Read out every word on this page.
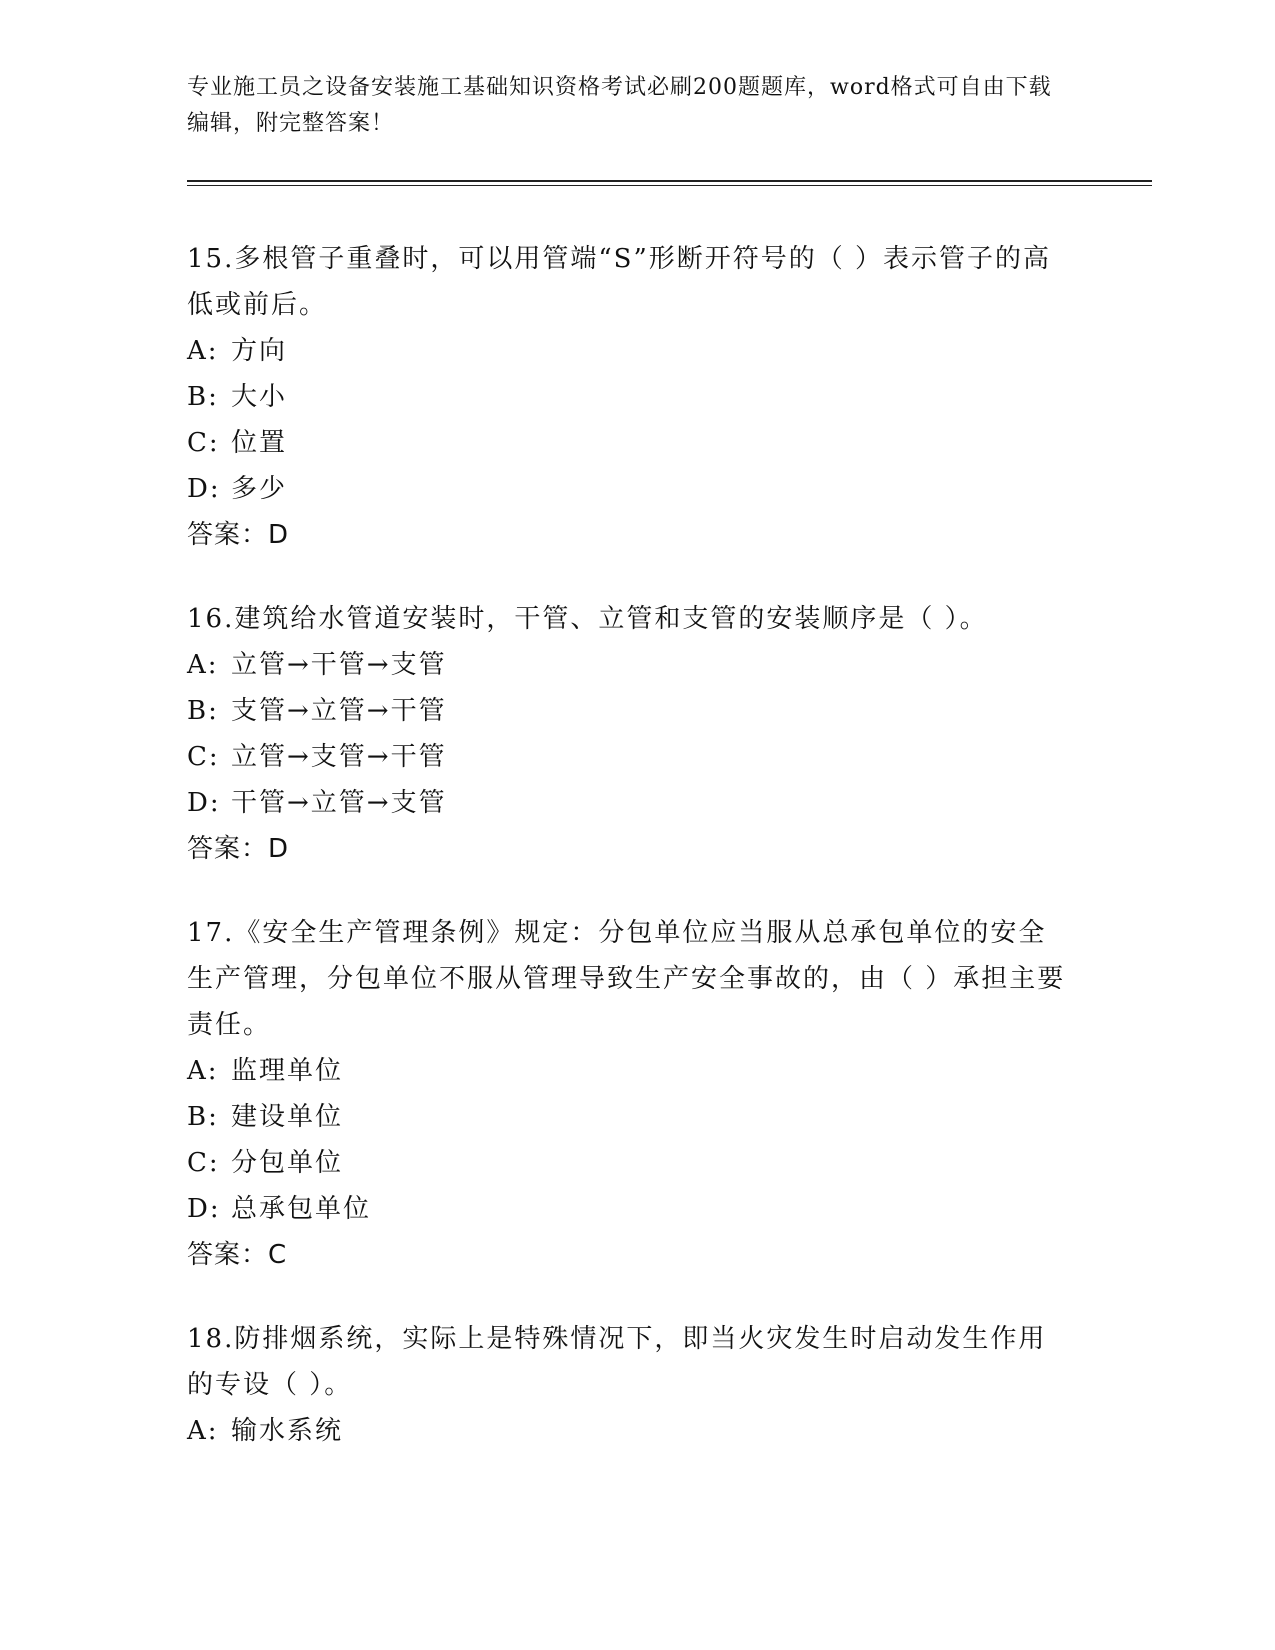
专业施工员之设备安装施工基础知识资格考试必刷200题题库，word格式可自由下载编辑，附完整答案！

15.多根管子重叠时，可以用管端“S”形断开符号的（ ）表示管子的高低或前后。

A: 方向
B: 大小
C: 位置
D: 多少

答案：D

16.建筑给水管道安装时，干管、立管和支管的安装顺序是（ ）。

A: 立管→干管→支管
B: 支管→立管→干管
C: 立管→支管→干管
D: 干管→立管→支管

答案：D

17.《安全生产管理条例》规定：分包单位应当服从总承包单位的安全生产管理，分包单位不服从管理导致生产安全事故的，由（ ）承担主要责任。

A: 监理单位
B: 建设单位
C: 分包单位
D: 总承包单位

答案：C

18.防排烟系统，实际上是特殊情况下，即当火灾发生时启动发生作用的专设（ ）。

A: 输水系统
